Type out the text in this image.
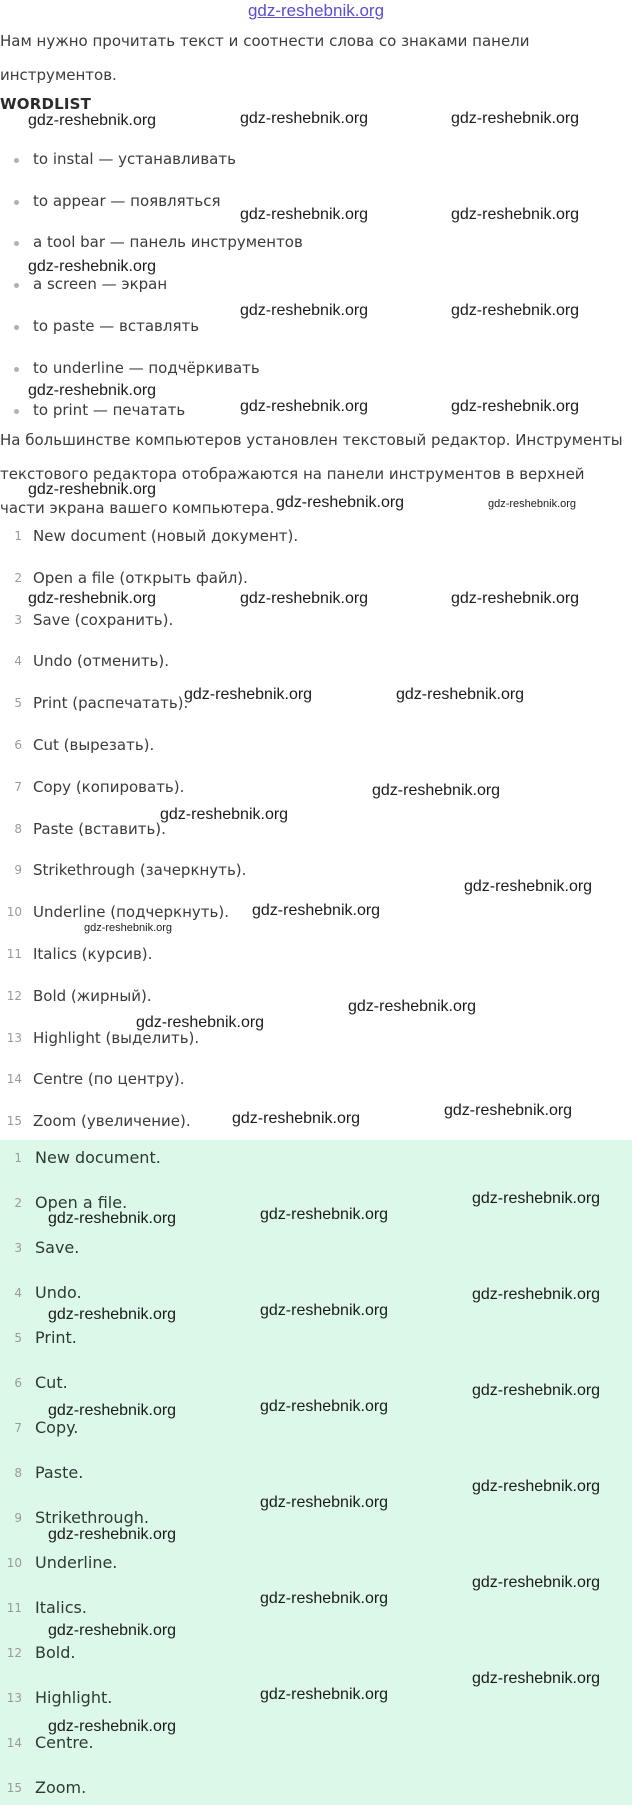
gdz-reshebnik.org

Нам нужно прочитать текст и соотнести слова со знаками панели инструментов.

WORDLIST
to instal — устанавливать
to appear — появляться
a tool bar — панель инструментов
a screen — экран
to paste — вставлять
to underline — подчёркивать
to print — печатать

На большинстве компьютеров установлен текстовый редактор. Инструменты текстового редактора отображаются на панели инструментов в верхней части экрана вашего компьютера.

1 New document (новый документ).
2 Open a file (открыть файл).
3 Save (сохранить).
4 Undo (отменить).
5 Print (распечатать).
6 Cut (вырезать).
7 Copy (копировать).
8 Paste (вставить).
9 Strikethrough (зачеркнуть).
10 Underline (подчеркнуть).
11 Italics (курсив).
12 Bold (жирный).
13 Highlight (выделить).
14 Centre (по центру).
15 Zoom (увеличение).
1 New document.
2 Open a file.
3 Save.
4 Undo.
5 Print.
6 Cut.
7 Copy.
8 Paste.
9 Strikethrough.
10 Underline.
11 Italics.
12 Bold.
13 Highlight.
14 Centre.
15 Zoom.
gdz-reshebnik.org	gdz-reshebnik.org	gdz-reshebnik.org
gdz-reshebnik.org	gdz-reshebnik.org
gdz-reshebnik.org
gdz-reshebnik.org	gdz-reshebnik.org
gdz-reshebnik.org
gdz-reshebnik.org	gdz-reshebnik.org
gdz-reshebnik.org
gdz-reshebnik.org	gdz-reshebnik.org
gdz-reshebnik.org	gdz-reshebnik.org	gdz-reshebnik.org
gdz-reshebnik.org	gdz-reshebnik.org
gdz-reshebnik.org
gdz-reshebnik.org
gdz-reshebnik.org
gdz-reshebnik.org
gdz-reshebnik.org
gdz-reshebnik.org
gdz-reshebnik.org
gdz-reshebnik.org
gdz-reshebnik.org
gdz-reshebnik.org
gdz-reshebnik.org
gdz-reshebnik.org
gdz-reshebnik.org
gdz-reshebnik.org
gdz-reshebnik.org
gdz-reshebnik.org
gdz-reshebnik.org
gdz-reshebnik.org
gdz-reshebnik.org
gdz-reshebnik.org
gdz-reshebnik.org
gdz-reshebnik.org
gdz-reshebnik.org
gdz-reshebnik.org
gdz-reshebnik.org
gdz-reshebnik.org
gdz-reshebnik.org
